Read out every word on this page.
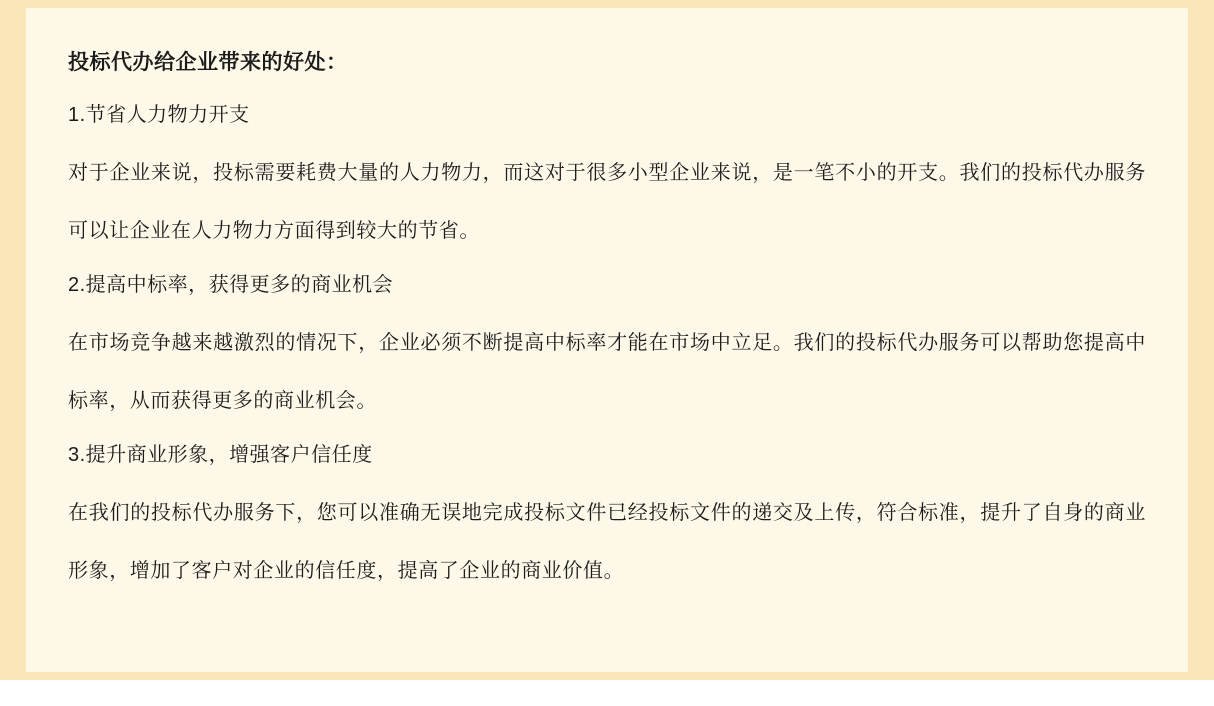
投标代办给企业带来的好处：
1.节省人力物力开支
对于企业来说，投标需要耗费大量的人力物力，而这对于很多小型企业来说，是一笔不小的开支。我们的投标代办服务可以让企业在人力物力方面得到较大的节省。
2.提高中标率，获得更多的商业机会
在市场竞争越来越激烈的情况下，企业必须不断提高中标率才能在市场中立足。我们的投标代办服务可以帮助您提高中标率，从而获得更多的商业机会。
3.提升商业形象，增强客户信任度
在我们的投标代办服务下，您可以准确无误地完成投标文件已经投标文件的递交及上传，符合标准，提升了自身的商业形象，增加了客户对企业的信任度，提高了企业的商业价值。
